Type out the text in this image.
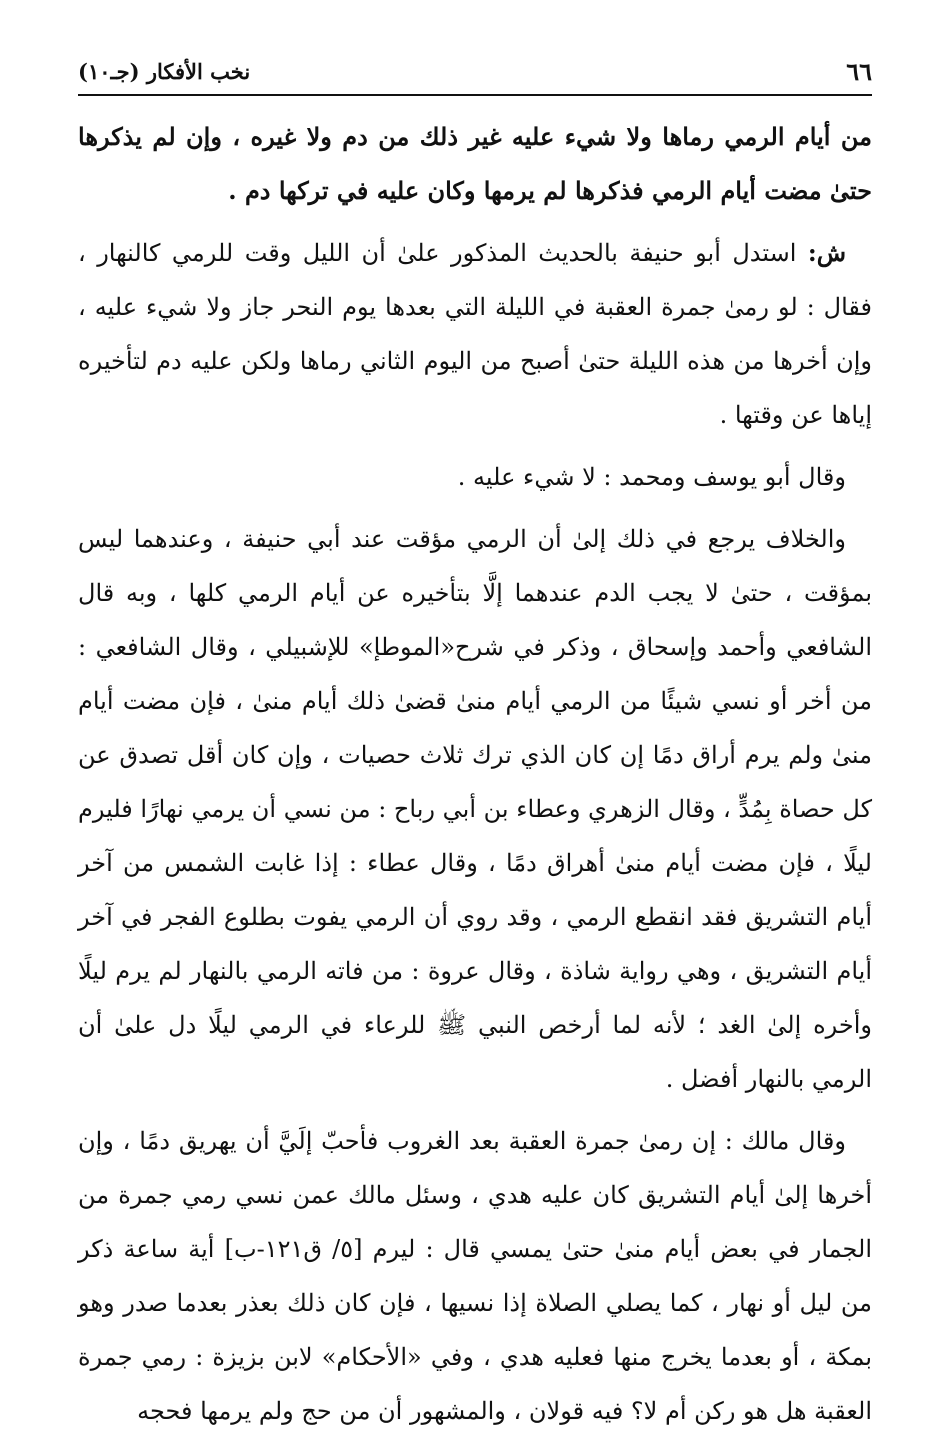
٦٦
نخب الأفكار (جـ١٠)

من أيام الرمي رماها ولا شيء عليه غير ذلك من دم ولا غيره ، وإن لم يذكرها حتىٰ مضت أيام الرمي فذكرها لم يرمها وكان عليه في تركها دم .

ش: استدل أبو حنيفة بالحديث المذكور علىٰ أن الليل وقت للرمي كالنهار ، فقال : لو رمىٰ جمرة العقبة في الليلة التي بعدها يوم النحر جاز ولا شيء عليه ، وإن أخرها من هذه الليلة حتىٰ أصبح من اليوم الثاني رماها ولكن عليه دم لتأخيره إياها عن وقتها .

وقال أبو يوسف ومحمد : لا شيء عليه .

والخلاف يرجع في ذلك إلىٰ أن الرمي مؤقت عند أبي حنيفة ، وعندهما ليس بمؤقت ، حتىٰ لا يجب الدم عندهما إلَّا بتأخيره عن أيام الرمي كلها ، وبه قال الشافعي وأحمد وإسحاق ، وذكر في شرح«الموطإ» للإشبيلي ، وقال الشافعي : من أخر أو نسي شيئًا من الرمي أيام منىٰ قضىٰ ذلك أيام منىٰ ، فإن مضت أيام منىٰ ولم يرم أراق دمًا إن كان الذي ترك ثلاث حصيات ، وإن كان أقل تصدق عن كل حصاة بِمُدٍّ ، وقال الزهري وعطاء بن أبي رباح : من نسي أن يرمي نهارًا فليرم ليلًا ، فإن مضت أيام منىٰ أهراق دمًا ، وقال عطاء : إذا غابت الشمس من آخر أيام التشريق فقد انقطع الرمي ، وقد روي أن الرمي يفوت بطلوع الفجر في آخر أيام التشريق ، وهي رواية شاذة ، وقال عروة : من فاته الرمي بالنهار لم يرم ليلًا وأخره إلىٰ الغد ؛ لأنه لما أرخص النبي ﷺ للرعاء في الرمي ليلًا دل علىٰ أن الرمي بالنهار أفضل .

وقال مالك : إن رمىٰ جمرة العقبة بعد الغروب فأحبّ إلَيَّ أن يهريق دمًا ، وإن أخرها إلىٰ أيام التشريق كان عليه هدي ، وسئل مالك عمن نسي رمي جمرة من الجمار في بعض أيام منىٰ حتىٰ يمسي قال : ليرم [٥/ ق١٢١-ب] أية ساعة ذكر من ليل أو نهار ، كما يصلي الصلاة إذا نسيها ، فإن كان ذلك بعذر بعدما صدر وهو بمكة ، أو بعدما يخرج منها فعليه هدي ، وفي «الأحكام» لابن بزيزة : رمي جمرة العقبة هل هو ركن أم لا؟ فيه قولان ، والمشهور أن من حج ولم يرمها فحجه
